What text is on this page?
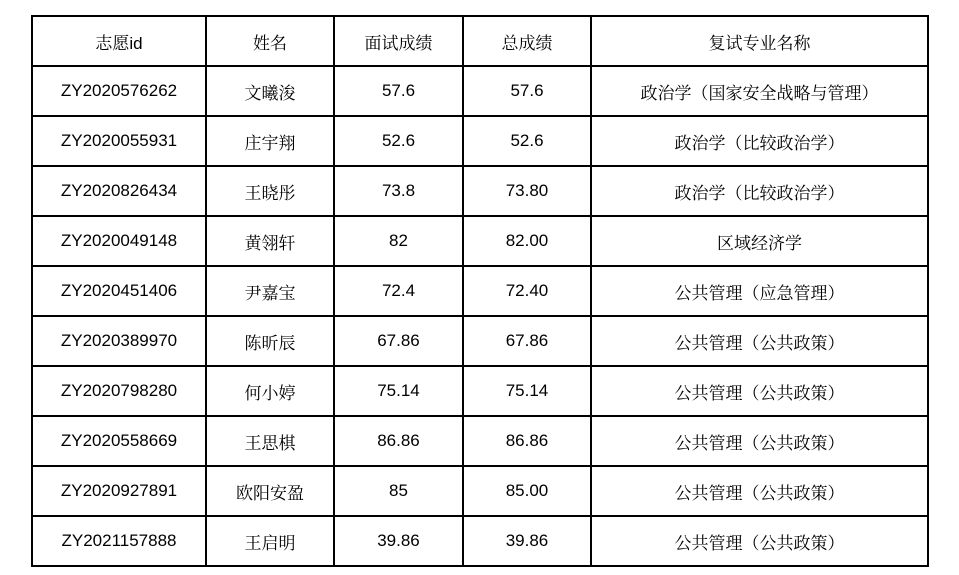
志愿id	姓名	面试成绩	总成绩	复试专业名称
ZY2020576262	文曦浚	57.6	57.6	政治学（国家安全战略与管理）
ZY2020055931	庄宇翔	52.6	52.6	政治学（比较政治学）
ZY2020826434	王晓彤	73.8	73.80	政治学（比较政治学）
ZY2020049148	黄翎轩	82	82.00	区域经济学
ZY2020451406	尹嘉宝	72.4	72.40	公共管理（应急管理）
ZY2020389970	陈昕辰	67.86	67.86	公共管理（公共政策）
ZY2020798280	何小婷	75.14	75.14	公共管理（公共政策）
ZY2020558669	王思棋	86.86	86.86	公共管理（公共政策）
ZY2020927891	欧阳安盈	85	85.00	公共管理（公共政策）
ZY2021157888	王启明	39.86	39.86	公共管理（公共政策）
